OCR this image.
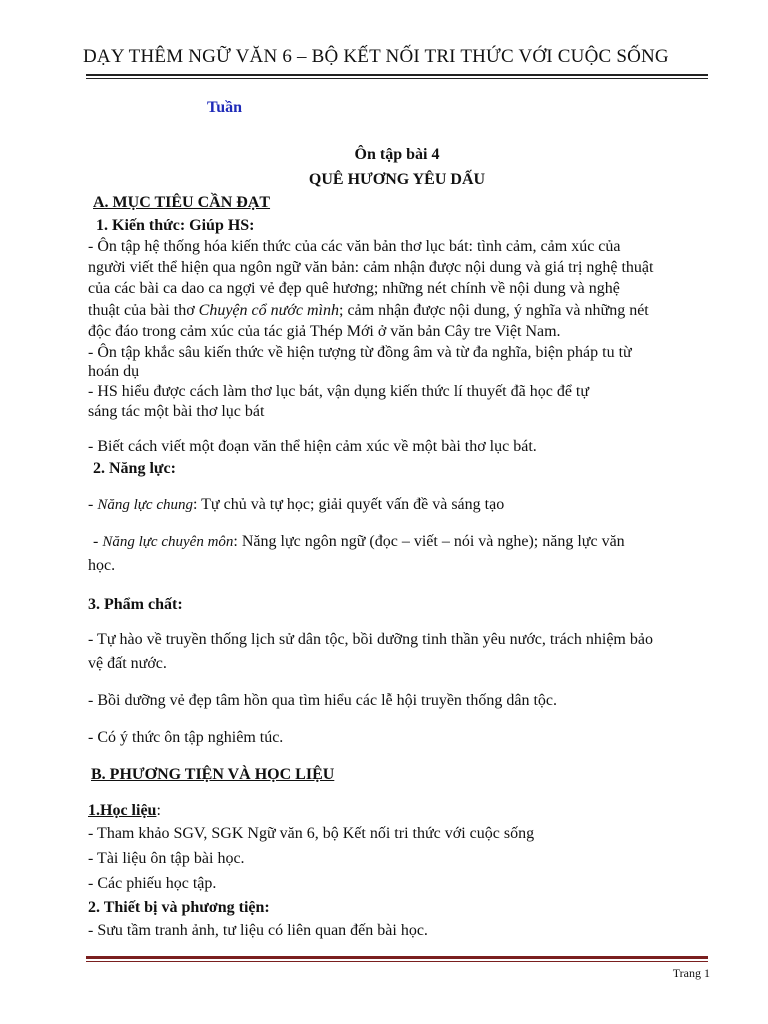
DẠY THÊM NGỮ VĂN 6 – BỘ KẾT NỐI TRI THỨC VỚI CUỘC SỐNG
Tuần
Ôn tập bài 4
QUÊ HƯƠNG YÊU DẤU
A. MỤC TIÊU CẦN ĐẠT
1. Kiến thức: Giúp HS:
- Ôn tập hệ thống hóa kiến thức của các văn bản thơ lục bát: tình cảm, cảm xúc của
người viết thể hiện qua ngôn ngữ văn bản: cảm nhận được nội dung và giá trị nghệ thuật
của các bài ca dao ca ngợi vẻ đẹp quê hương; những nét chính về nội dung và nghệ
thuật của bài thơ Chuyện cổ nước mình; cảm nhận được nội dung, ý nghĩa và những nét
độc đáo trong cảm xúc của tác giả Thép Mới ở văn bản Cây tre Việt Nam.
- Ôn tập khắc sâu kiến thức về hiện tượng từ đồng âm và từ đa nghĩa, biện pháp tu từ
hoán dụ
- HS hiểu được cách làm thơ lục bát, vận dụng kiến thức lí thuyết đã học để tự
sáng tác một bài thơ lục bát
- Biết cách viết một đoạn văn thể hiện cảm xúc về một bài thơ lục bát.
2. Năng lực:
- Năng lực chung: Tự chủ và tự học; giải quyết vấn đề và sáng tạo
- Năng lực chuyên môn: Năng lực ngôn ngữ (đọc – viết – nói và nghe); năng lực văn
học.
3. Phẩm chất:
- Tự hào về truyền thống lịch sử dân tộc, bồi dưỡng tinh thần yêu nước, trách nhiệm bảo
vệ đất nước.
- Bồi dưỡng vẻ đẹp tâm hồn qua tìm hiểu các lễ hội truyền thống dân tộc.
- Có ý thức ôn tập nghiêm túc.
B. PHƯƠNG TIỆN VÀ HỌC LIỆU
1.Học liệu:
- Tham khảo SGV, SGK Ngữ văn 6, bộ Kết nối tri thức với cuộc sống
- Tài liệu ôn tập bài học.
- Các phiếu học tập.
2. Thiết bị và phương tiện:
- Sưu tầm tranh ảnh, tư liệu có liên quan đến bài học.
Trang 1
